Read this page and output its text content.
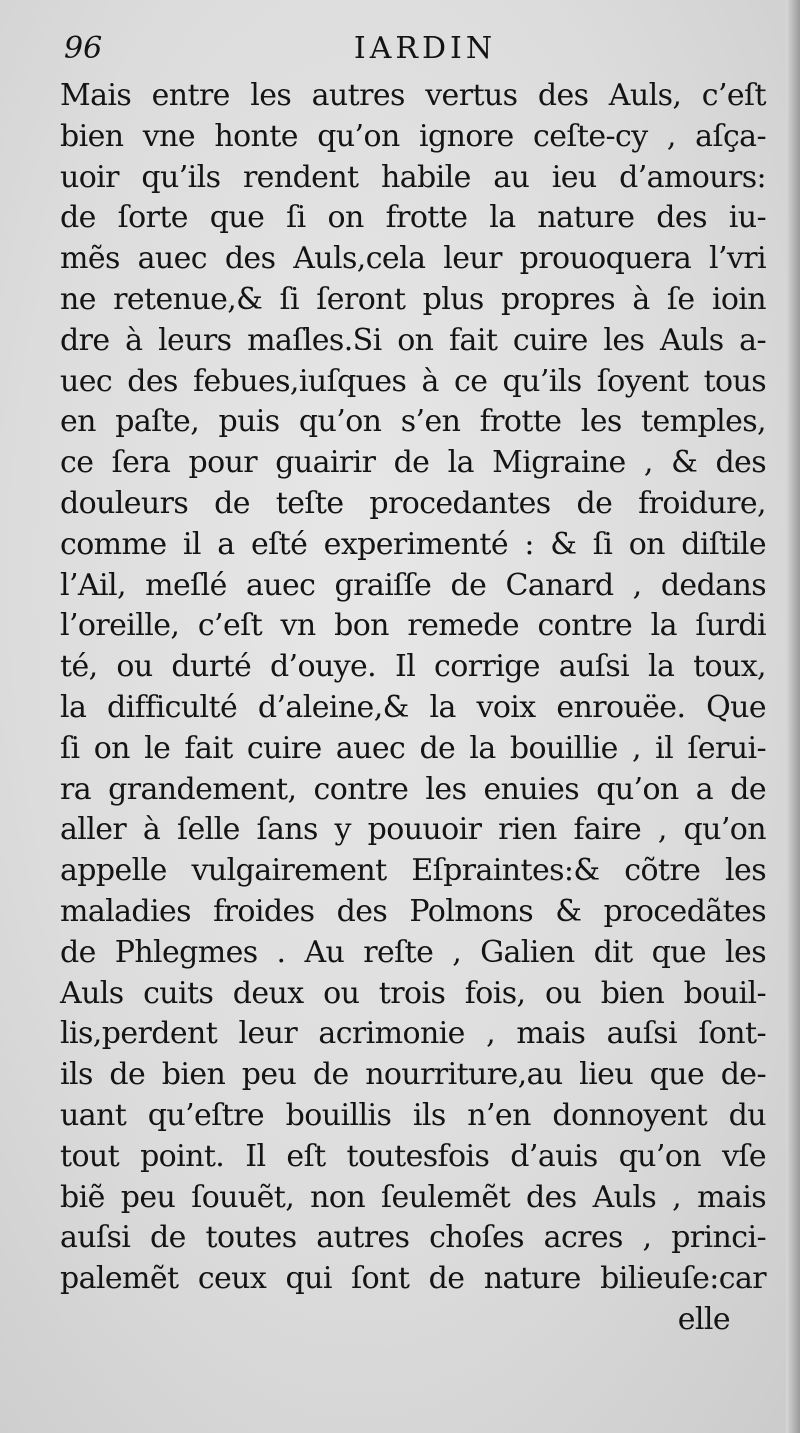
96	IARDIN
Mais entre les autres vertus des Auls, c’eſt
bien vne honte qu’on ignore ceſte-cy , aſça-
uoir qu’ils rendent habile au ieu d’amours:
de ſorte que ſi on frotte la nature des iu-
mẽs auec des Auls,cela leur prouoquera l’vri
ne retenue,& ſi ſeront plus propres à ſe ioin
dre à leurs maſles.Si on fait cuire les Auls a-
uec des febues,iuſques à ce qu’ils ſoyent tous
en paſte, puis qu’on s’en frotte les temples,
ce ſera pour guairir de la Migraine , & des
douleurs de teſte procedantes de froidure,
comme il a eſté experimenté : & ſi on diſtile
l’Ail, meſlé auec graiſſe de Canard , dedans
l’oreille, c’eſt vn bon remede contre la ſurdi
té, ou durté d’ouye. Il corrige auſsi la toux,
la difficulté d’aleine,& la voix enrouëe. Que
ſi on le fait cuire auec de la bouillie , il ſerui-
ra grandement, contre les enuies qu’on a de
aller à ſelle ſans y pouuoir rien faire , qu’on
appelle vulgairement Eſpraintes:& cõtre les
maladies froides des Polmons & procedãtes
de Phlegmes . Au reſte , Galien dit que les
Auls cuits deux ou trois fois, ou bien bouil-
lis,perdent leur acrimonie , mais auſsi ſont-
ils de bien peu de nourriture,au lieu que de-
uant qu’eſtre bouillis ils n’en donnoyent du
tout point. Il eſt toutesfois d’auis qu’on vſe
biẽ peu ſouuẽt, non ſeulemẽt des Auls , mais
auſsi de toutes autres choſes acres , princi-
palemẽt ceux qui ſont de nature bilieuſe:car
elle
